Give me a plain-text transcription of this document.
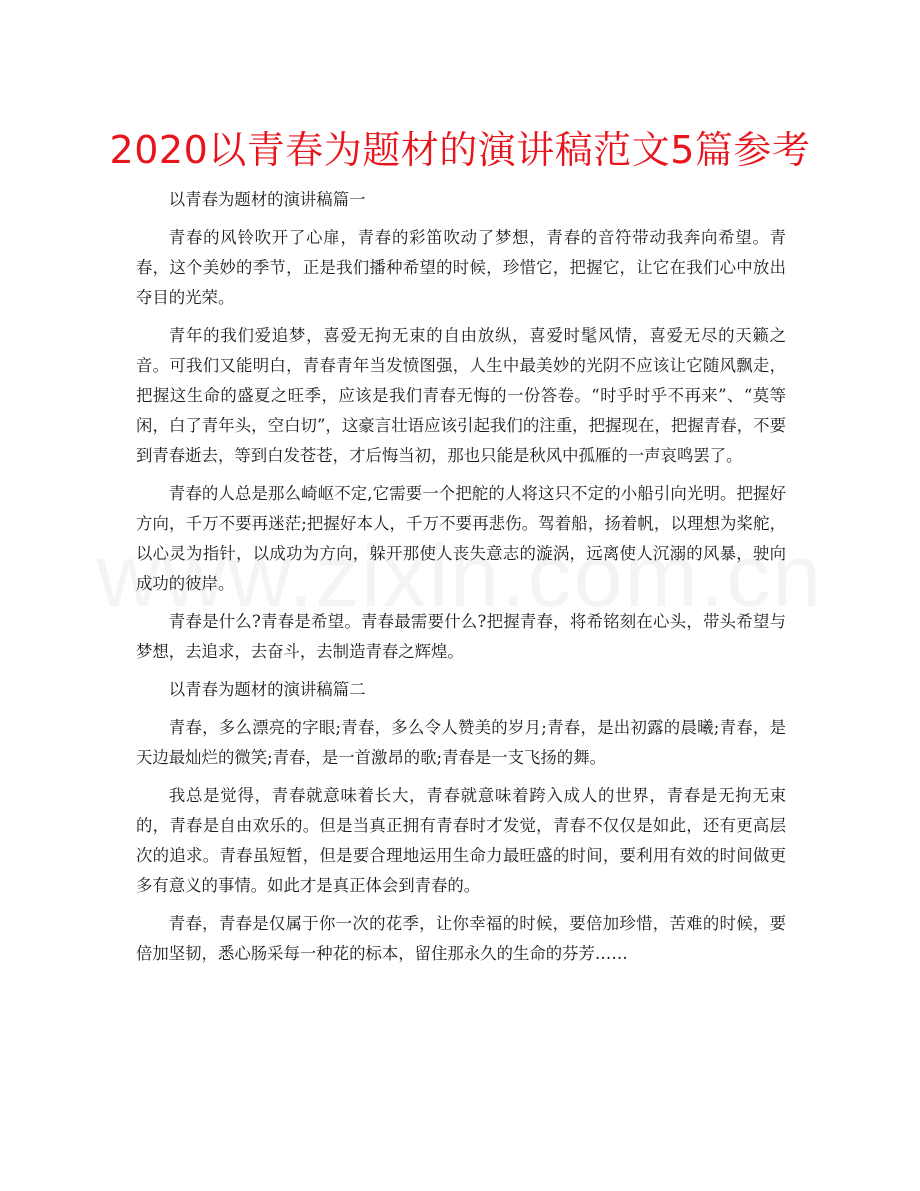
2020以青春为题材的演讲稿范文5篇参考

以青春为题材的演讲稿篇一

青春的风铃吹开了心扉，青春的彩笛吹动了梦想，青春的音符带动我奔向希望。青春，这个美妙的季节，正是我们播种希望的时候，珍惜它，把握它，让它在我们心中放出夺目的光荣。

青年的我们爱追梦，喜爱无拘无束的自由放纵，喜爱时髦风情，喜爱无尽的天籁之音。可我们又能明白，青春青年当发愤图强，人生中最美妙的光阴不应该让它随风飘走，把握这生命的盛夏之旺季，应该是我们青春无悔的一份答卷。“时乎时乎不再来”、“莫等闲，白了青年头，空白切”，这豪言壮语应该引起我们的注重，把握现在，把握青春，不要到青春逝去，等到白发苍苍，才后悔当初，那也只能是秋风中孤雁的一声哀鸣罢了。

青春的人总是那么崎岖不定,它需要一个把舵的人将这只不定的小船引向光明。把握好方向，千万不要再迷茫;把握好本人，千万不要再悲伤。驾着船，扬着帆，以理想为桨舵，以心灵为指针，以成功为方向，躲开那使人丧失意志的漩涡，远离使人沉溺的风暴，驶向成功的彼岸。

青春是什么?青春是希望。青春最需要什么?把握青春，将希铭刻在心头，带头希望与梦想，去追求，去奋斗，去制造青春之辉煌。

以青春为题材的演讲稿篇二

青春，多么漂亮的字眼;青春，多么令人赞美的岁月;青春，是出初露的晨曦;青春，是天边最灿烂的微笑;青春，是一首激昂的歌;青春是一支飞扬的舞。

我总是觉得，青春就意味着长大，青春就意味着跨入成人的世界，青春是无拘无束的，青春是自由欢乐的。但是当真正拥有青春时才发觉，青春不仅仅是如此，还有更高层次的追求。青春虽短暂，但是要合理地运用生命力最旺盛的时间，要利用有效的时间做更多有意义的事情。如此才是真正体会到青春的。

青春，青春是仅属于你一次的花季，让你幸福的时候，要倍加珍惜，苦难的时候，要倍加坚韧，悉心肠采每一种花的标本，留住那永久的生命的芬芳……
